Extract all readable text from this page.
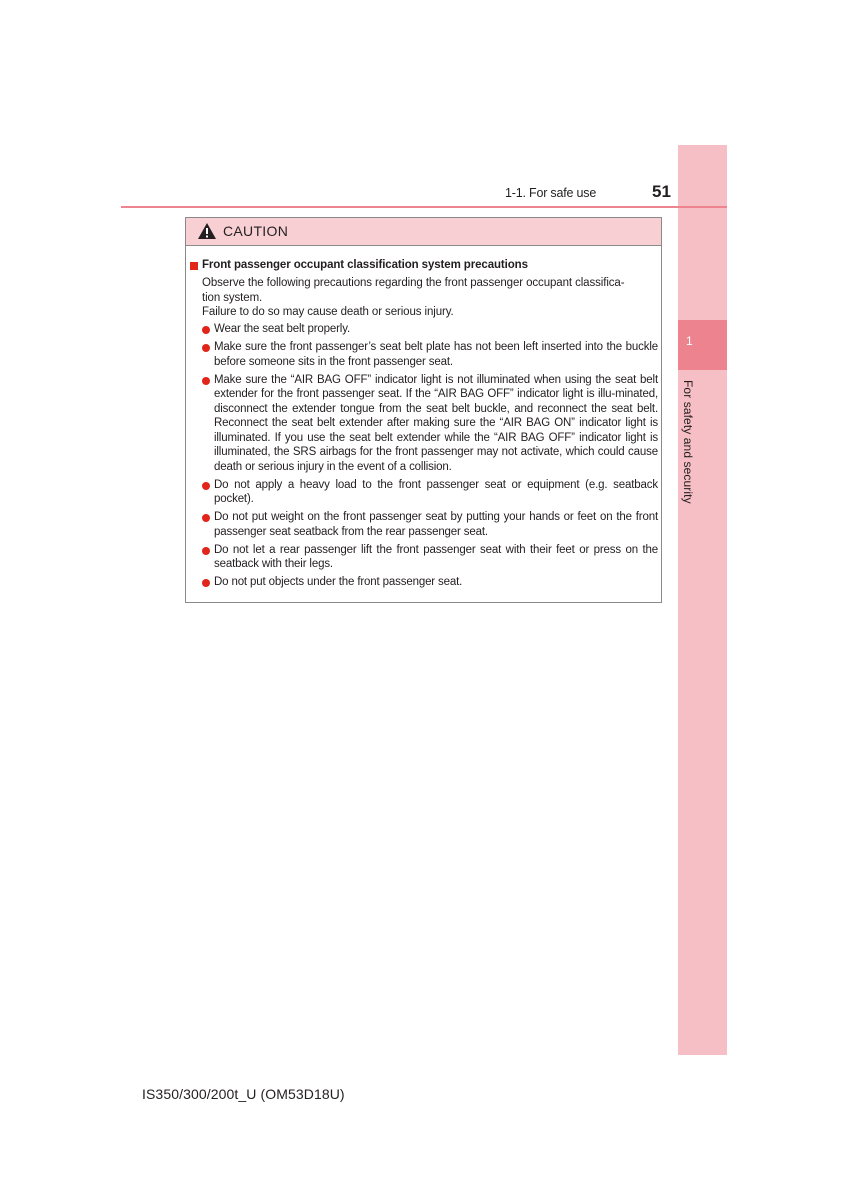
1
For safety and security
1-1. For safe use	51
CAUTION
Front passenger occupant classification system precautions
Observe the following precautions regarding the front passenger occupant classifica-
tion system.
Failure to do so may cause death or serious injury.
Wear the seat belt properly.
Make sure the front passenger’s seat belt plate has not been left inserted into the buckle before someone sits in the front passenger seat.
Make sure the “AIR BAG OFF” indicator light is not illuminated when using the seat belt extender for the front passenger seat. If the “AIR BAG OFF” indicator light is illu-minated, disconnect the extender tongue from the seat belt buckle, and reconnect the seat belt. Reconnect the seat belt extender after making sure the “AIR BAG ON” indicator light is illuminated. If you use the seat belt extender while the “AIR BAG OFF” indicator light is illuminated, the SRS airbags for the front passenger may not activate, which could cause death or serious injury in the event of a collision.
Do not apply a heavy load to the front passenger seat or equipment (e.g. seatback pocket).
Do not put weight on the front passenger seat by putting your hands or feet on the front passenger seat seatback from the rear passenger seat.
Do not let a rear passenger lift the front passenger seat with their feet or press on the seatback with their legs.
Do not put objects under the front passenger seat.
IS350/300/200t_U (OM53D18U)
